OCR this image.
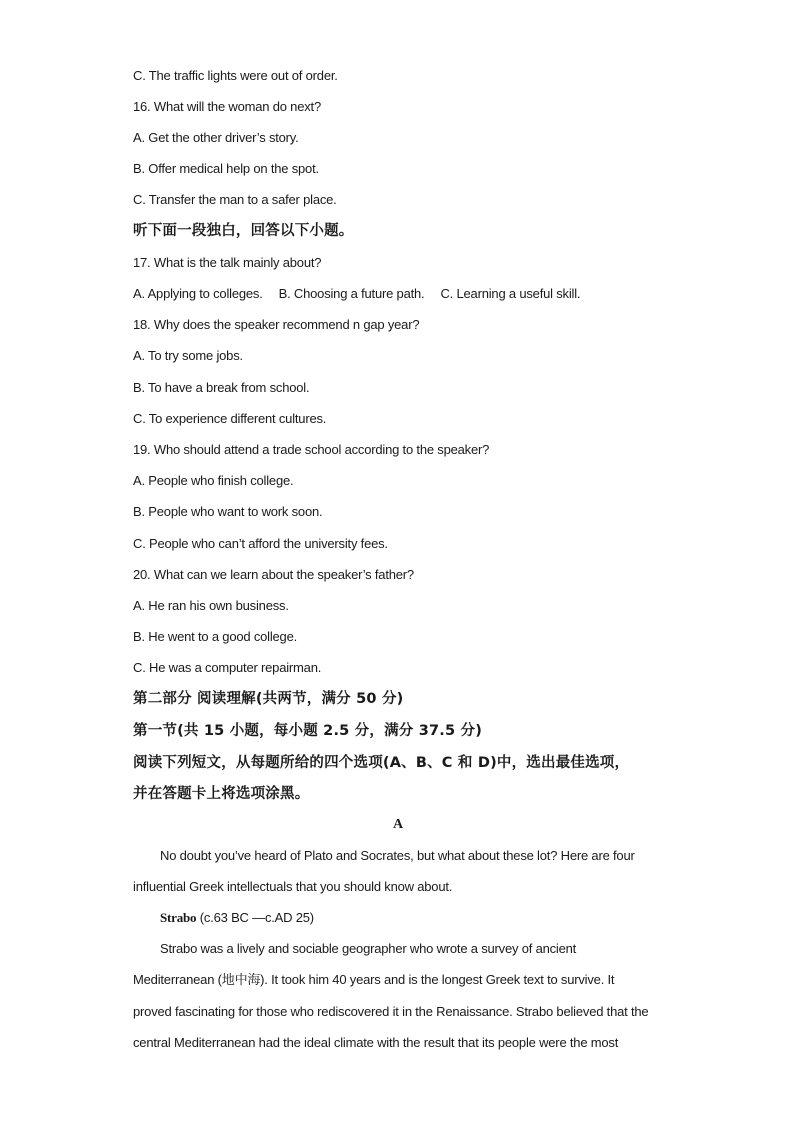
C. The traffic lights were out of order.
16. What will the woman do next?
A. Get the other driver’s story.
B. Offer medical help on the spot.
C. Transfer the man to a safer place.
听下面一段独白，回答以下小题。
17. What is the talk mainly about?
A. Applying to colleges. B. Choosing a future path. C. Learning a useful skill.
18. Why does the speaker recommend n gap year?
A. To try some jobs.
B. To have a break from school.
C. To experience different cultures.
19. Who should attend a trade school according to the speaker?
A. People who finish college.
B. People who want to work soon.
C. People who can’t afford the university fees.
20. What can we learn about the speaker’s father?
A. He ran his own business.
B. He went to a good college.
C. He was a computer repairman.
第二部分 阅读理解(共两节，满分 50 分)
第一节(共 15 小题，每小题 2.5 分，满分 37.5 分)
阅读下列短文，从每题所给的四个选项(A、B、C 和 D)中，选出最佳选项，
并在答题卡上将选项涂黑。
A
No doubt you’ve heard of Plato and Socrates, but what about these lot? Here are four
influential Greek intellectuals that you should know about.
Strabo (c.63 BC —c.AD 25)
Strabo was a lively and sociable geographer who wrote a survey of ancient
Mediterranean (地中海). It took him 40 years and is the longest Greek text to survive. It
proved fascinating for those who rediscovered it in the Renaissance. Strabo believed that the
central Mediterranean had the ideal climate with the result that its people were the most
